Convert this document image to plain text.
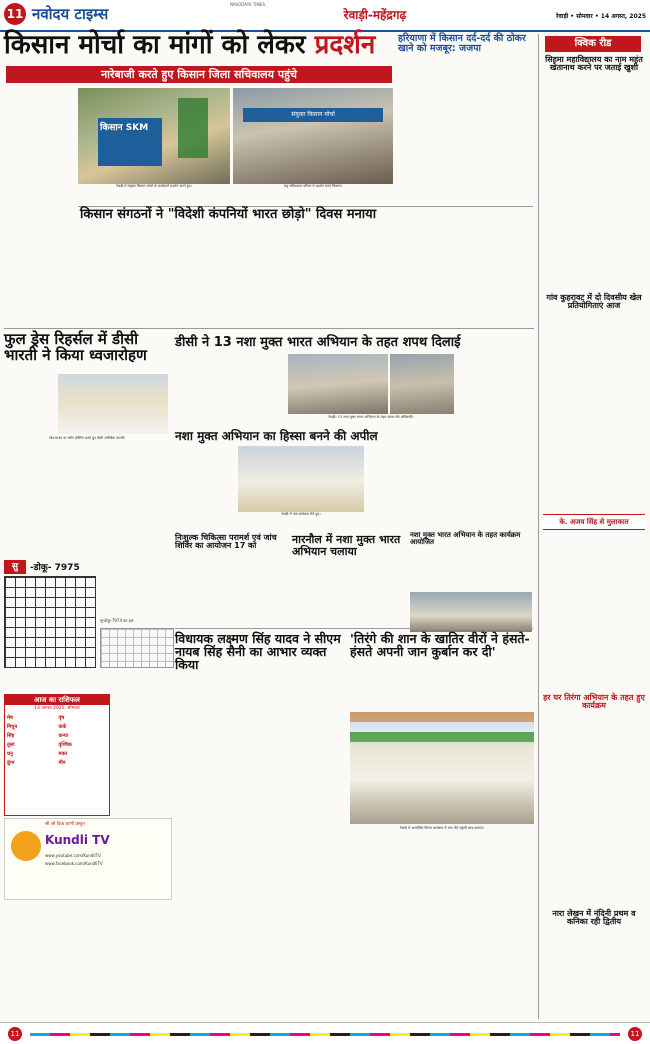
11 नवोदय टाइम्स
NAVODAYA TIMES
रेवाड़ी-महेंद्रगढ़	रेवाड़ी • सोमवार • 14 अगस्त, 2025
किसान मोर्चा का मांगों को लेकर प्रदर्शन
नारेबाजी करते हुए किसान जिला सचिवालय पहुंचे
किसान SKM
रेवाड़ी में संयुक्त किसान मोर्चा के कार्यकर्ता प्रदर्शन करते हुए।
संयुक्त किसान मोर्चा
लघु सचिवालय परिसर में प्रदर्शन करते किसान।
हरियाणा में किसान दर्द-दर्द की ठोकर खाने को मजबूर: जजपा
किसान संगठनों ने "विदेशी कंपनियों भारत छोड़ो" दिवस मनाया
फुल ड्रेस रिहर्सल में डीसी भारती ने किया ध्वजारोहण
परेड ग्राउंड पर फ्लैग होस्टिंग करते हुए डीसी अभिषेक भारती।
डीसी ने 13 नशा मुक्त भारत अभियान के तहत शपथ दिलाई
रेवाड़ी: 13 नशा मुक्त भारत अभियान के तहत शपथ लेते अधिकारी।
नशा मुक्त अभियान का हिस्सा बनने की अपील
रेवाड़ी में एक कार्यक्रम लेते हुए।
नशा मुक्त भारत अभियान के तहत कार्यक्रम आयोजित
निःशुल्क चिकित्सा परामर्श एवं जांच शिविर का आयोजन 17 को	नारनौल में नशा मुक्त भारत अभियान चलाया
सु	-डोकू- 7975
सु-डोकू-7974 का हल
आज का राशिफल
14 अगस्त 2025, सोमवार
मेष	वृष
मिथुन	कर्क
सिंह	कन्या
तुला	वृश्चिक
धनु	मकर
कुंभ	मीन
श्री जी दिव्य वाणी प्रस्तुत
Kundli TV
www.youtube.com/KundliTV
www.facebook.com/KundliTV
विधायक लक्ष्मण सिंह यादव ने सीएम नायब सिंह सैनी का आभार व्यक्त किया
'तिरंगे की शान के खातिर वीरों ने हंसते-हंसते अपनी जान कुर्बान कर दी'
रेवाड़ी में आयोजित तिरंगा कार्यक्रम में भाग लेते स्कूली छात्र-छात्राएं।
क्विक रीड
सिहमा महाविद्यालय का नाम महंत खेतानाथ करने पर जताई खुशी
गांव कुहरावट में दो दिवसीय खेल प्रतियोगिताएं आज
के. अजय सिंह से मुलाकात
हर घर तिरंगा अभियान के तहत हुए कार्यक्रम
नारा लेखन में नंदिनी प्रथम व कनिका रही द्वितीय
11	11
